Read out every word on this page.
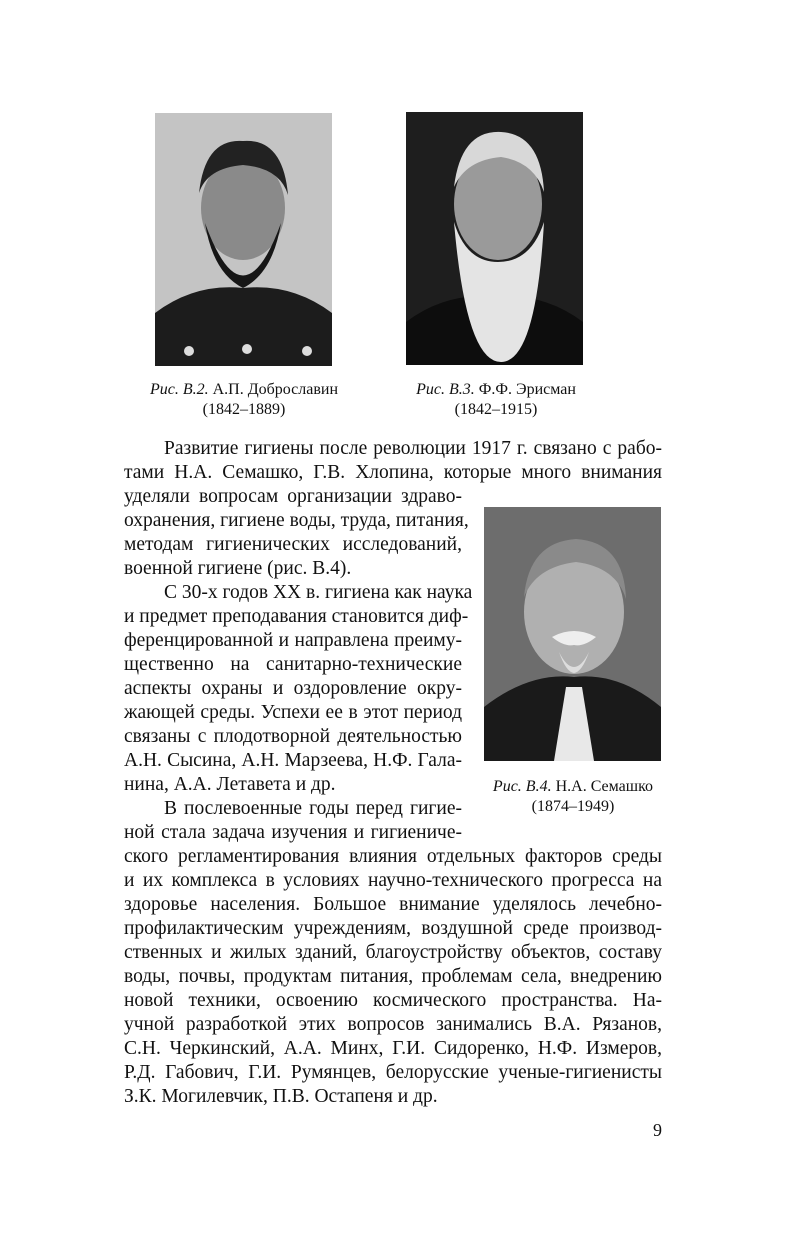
Рис. В.2. А.П. Доброславин
(1842–1889)
Рис. В.3. Ф.Ф. Эрисман
(1842–1915)
Рис. В.4. Н.А. Семашко
(1874–1949)
Развитие гигиены после революции 1917 г. связано с рабо-
тами Н.А. Семашко, Г.В. Хлопина, которые много внимания
уделяли вопросам организации здраво-
охранения, гигиене воды, труда, питания,
методам гигиенических исследований,
военной гигиене (рис. В.4).
С 30-х годов XX в. гигиена как наука
и предмет преподавания становится диф-
ференцированной и направлена преиму-
щественно на санитарно-технические
аспекты охраны и оздоровление окру-
жающей среды. Успехи ее в этот период
связаны с плодотворной деятельностью
А.Н. Сысина, А.Н. Марзеева, Н.Ф. Гала-
нина, А.А. Летавета и др.
В послевоенные годы перед гигие-
ной стала задача изучения и гигиениче-
ского регламентирования влияния отдельных факторов среды
и их комплекса в условиях научно-технического прогресса на
здоровье населения. Большое внимание уделялось лечебно-
профилактическим учреждениям, воздушной среде производ-
ственных и жилых зданий, благоустройству объектов, составу
воды, почвы, продуктам питания, проблемам села, внедрению
новой техники, освоению космического пространства. На-
учной разработкой этих вопросов занимались В.А. Рязанов,
С.Н. Черкинский, А.А. Минх, Г.И. Сидоренко, Н.Ф. Измеров,
Р.Д. Габович, Г.И. Румянцев, белорусские ученые-гигиенисты
З.К. Могилевчик, П.В. Остапеня и др.
9
